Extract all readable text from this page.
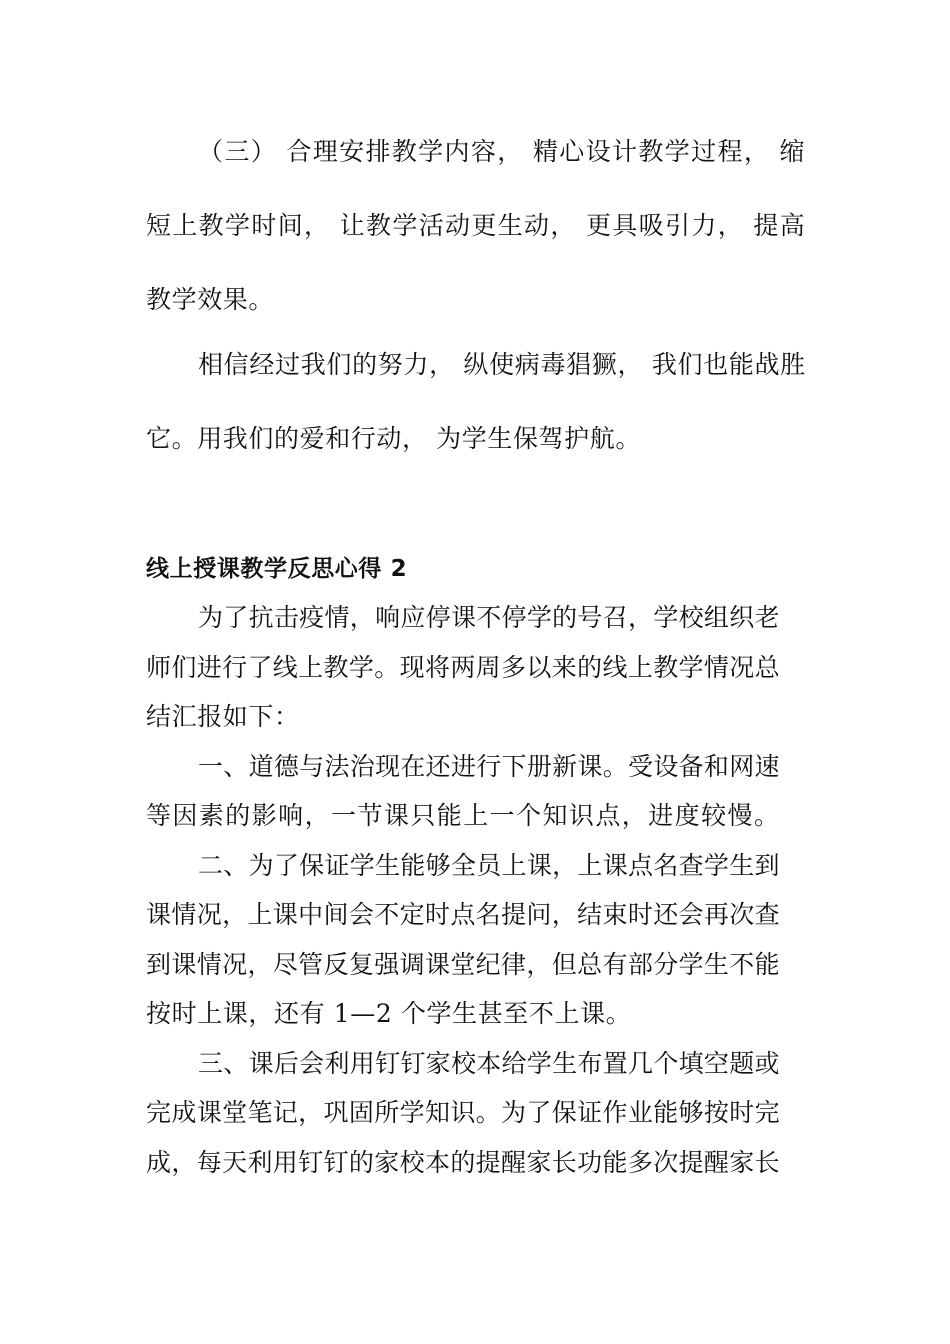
（三） 合理安排教学内容， 精心设计教学过程， 缩
短上教学时间， 让教学活动更生动， 更具吸引力， 提高
教学效果。
相信经过我们的努力， 纵使病毒猖獗， 我们也能战胜
它。用我们的爱和行动， 为学生保驾护航。
线上授课教学反思心得 2
为了抗击疫情，响应停课不停学的号召，学校组织老
师们进行了线上教学。现将两周多以来的线上教学情况总
结汇报如下：
一、道德与法治现在还进行下册新课。受设备和网速
等因素的影响，一节课只能上一个知识点，进度较慢。
二、为了保证学生能够全员上课，上课点名查学生到
课情况，上课中间会不定时点名提问，结束时还会再次查
到课情况，尽管反复强调课堂纪律，但总有部分学生不能
按时上课，还有 1—2 个学生甚至不上课。
三、课后会利用钉钉家校本给学生布置几个填空题或
完成课堂笔记，巩固所学知识。为了保证作业能够按时完
成，每天利用钉钉的家校本的提醒家长功能多次提醒家长
